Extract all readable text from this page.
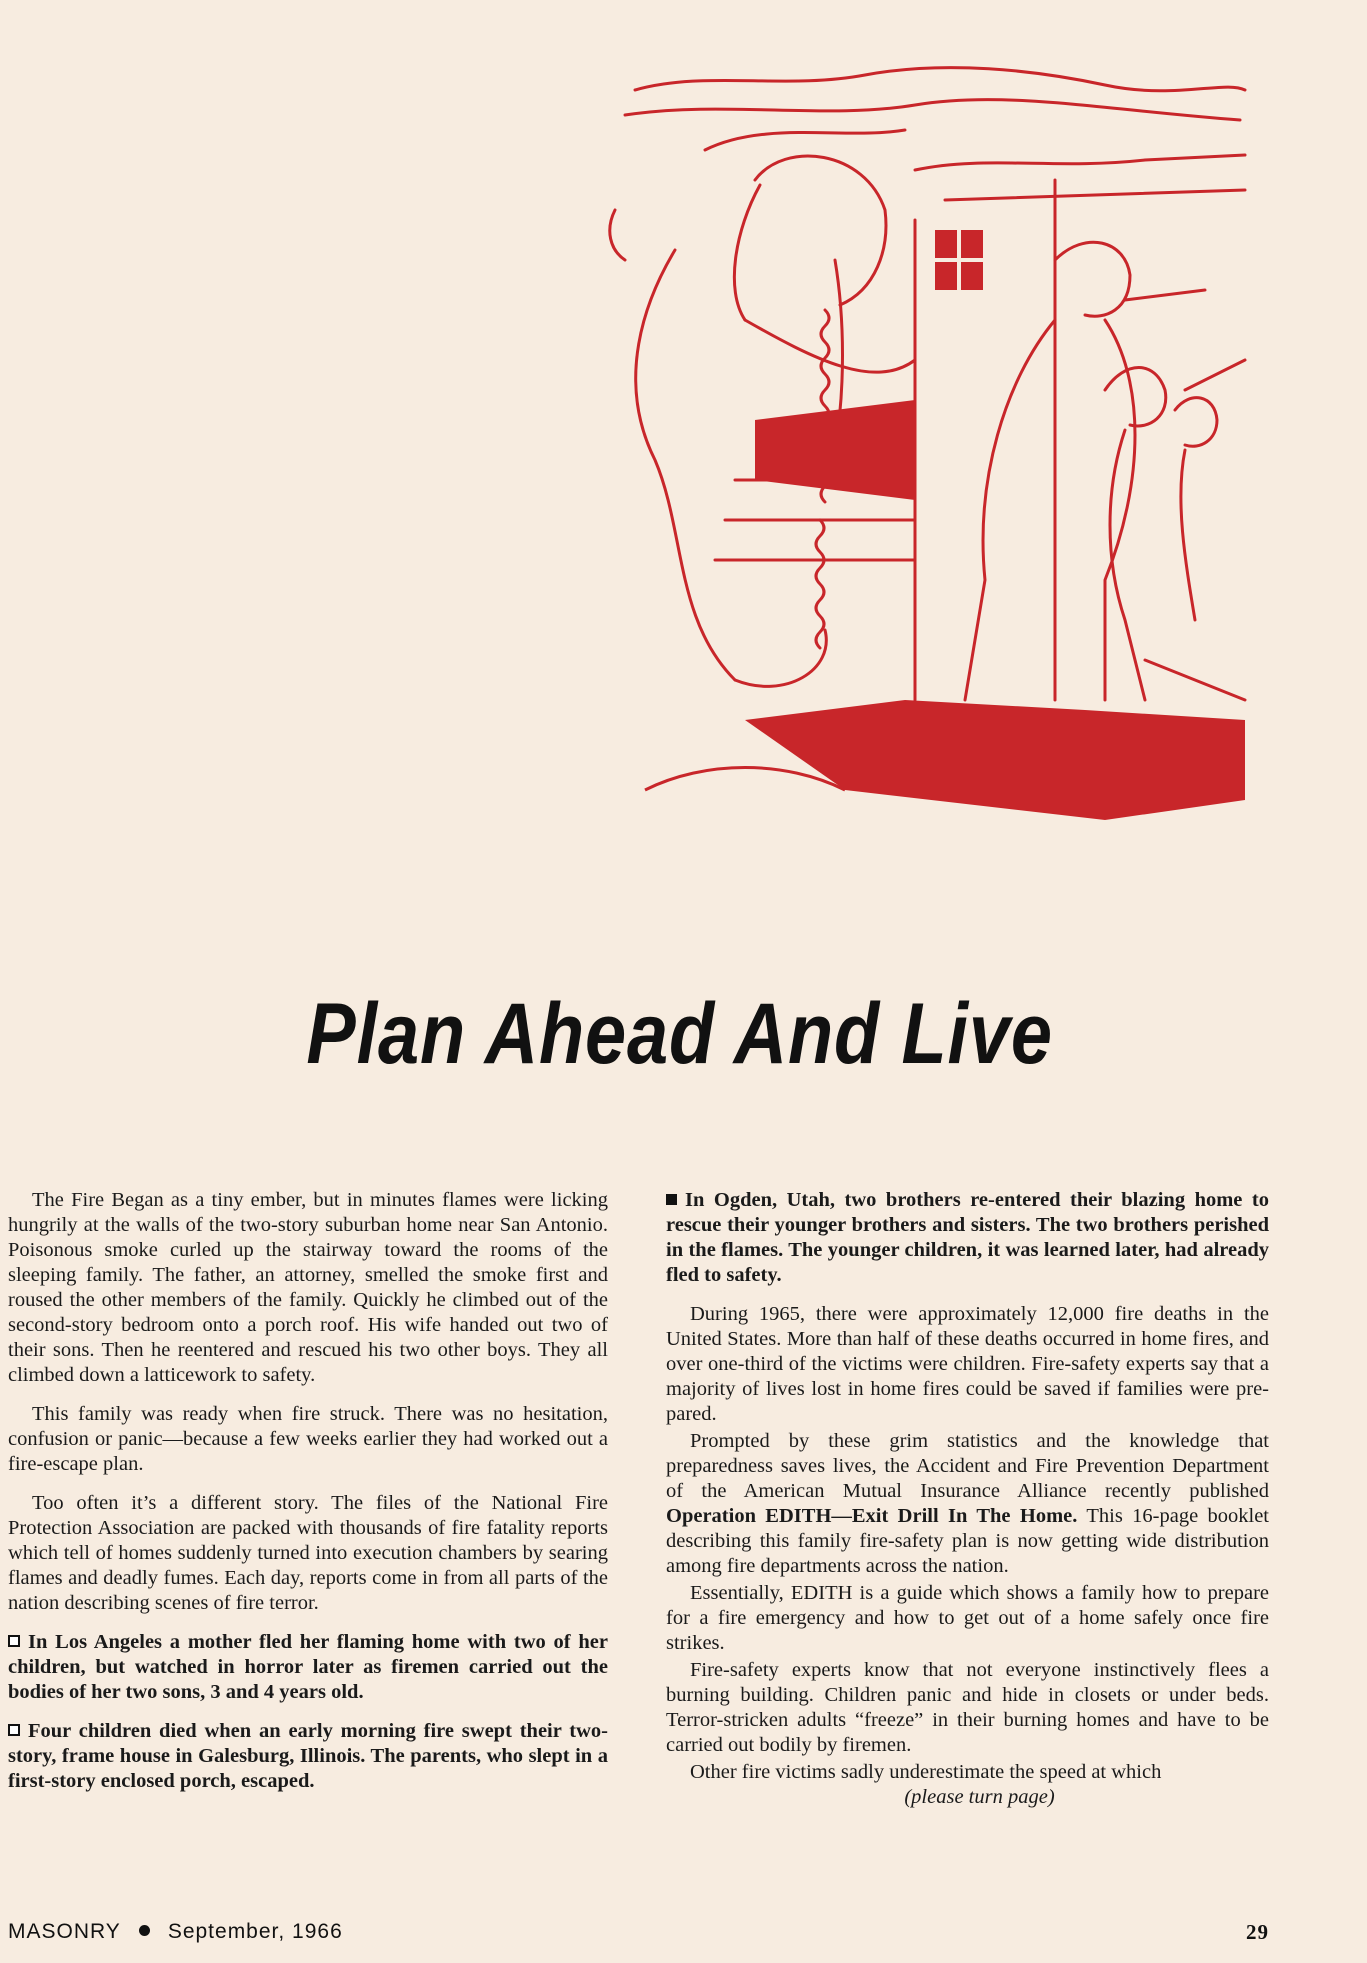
Plan Ahead And Live

The Fire Began as a tiny ember, but in minutes flames were licking hungrily at the walls of the two-story suburban home near San Antonio. Poisonous smoke curled up the stairway toward the rooms of the sleeping family. The father, an attorney, smelled the smoke first and roused the other members of the family. Quickly he climbed out of the second-story bedroom onto a porch roof. His wife handed out two of their sons. Then he reentered and rescued his two other boys. They all climbed down a latticework to safety.

This family was ready when fire struck. There was no hesitation, confusion or panic—because a few weeks earlier they had worked out a fire-escape plan.

Too often it’s a different story. The files of the National Fire Protection Association are packed with thousands of fire fatality reports which tell of homes suddenly turned into execution chambers by searing flames and deadly fumes. Each day, reports come in from all parts of the nation describing scenes of fire terror.

In Los Angeles a mother fled her flaming home with two of her children, but watched in horror later as firemen carried out the bodies of her two sons, 3 and 4 years old.

Four children died when an early morning fire swept their two-story, frame house in Galesburg, Illinois. The parents, who slept in a first-story enclosed porch, escaped.

In Ogden, Utah, two brothers re-entered their blazing home to rescue their younger brothers and sisters. The two brothers perished in the flames. The younger children, it was learned later, had already fled to safety.

During 1965, there were approximately 12,000 fire deaths in the United States. More than half of these deaths occurred in home fires, and over one-third of the victims were children. Fire-safety experts say that a majority of lives lost in home fires could be saved if families were prepared.

Prompted by these grim statistics and the knowledge that preparedness saves lives, the Accident and Fire Prevention Department of the American Mutual Insurance Alliance recently published Operation EDITH—Exit Drill In The Home. This 16-page booklet describing this family fire-safety plan is now getting wide distribution among fire departments across the nation.

Essentially, EDITH is a guide which shows a family how to prepare for a fire emergency and how to get out of a home safely once fire strikes.

Fire-safety experts know that not everyone instinctively flees a burning building. Children panic and hide in closets or under beds. Terror-stricken adults “freeze” in their burning homes and have to be carried out bodily by firemen.

Other fire victims sadly underestimate the speed at which

(please turn page)

MASONRY September, 1966	29
